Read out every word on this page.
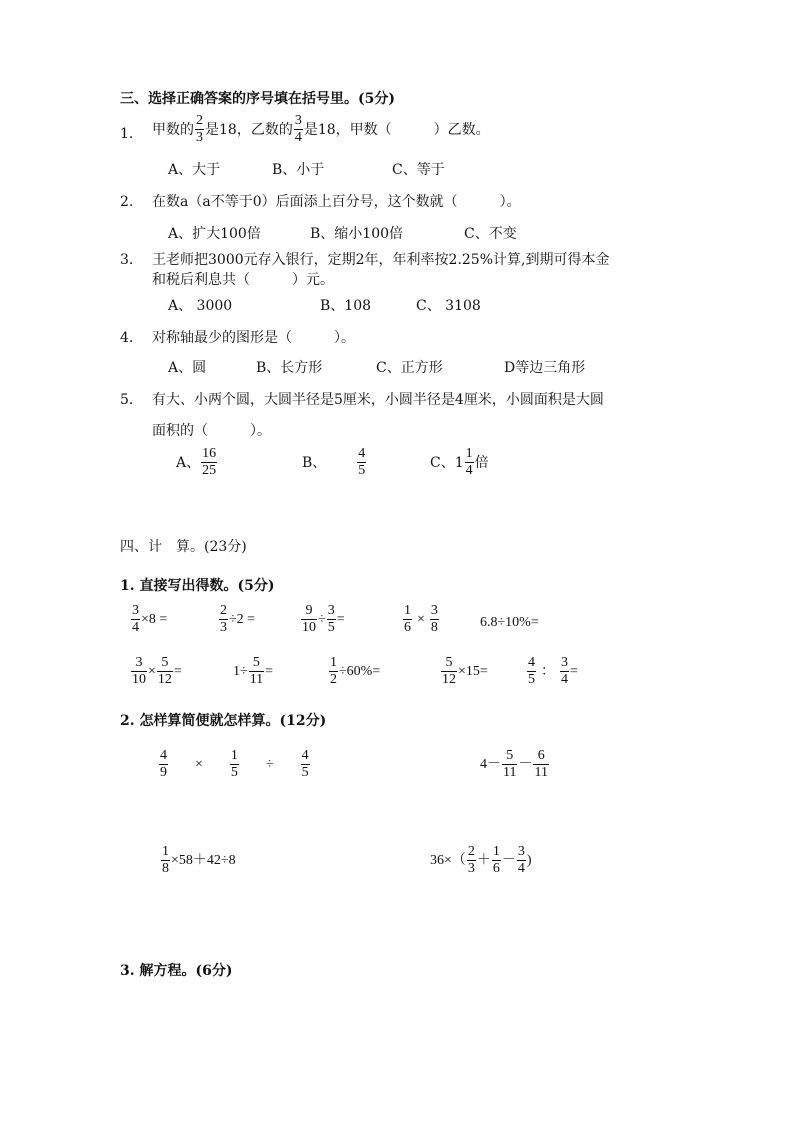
三、选择正确答案的序号填在括号里。(5分)
1. 甲数的 $\frac{2}{3}$ 是18，乙数的 $\frac{3}{4}$ 是18，甲数（　　　）乙数。
A、大于	B、小于	C、等于
2. 在数a（a不等于0）后面添上百分号，这个数就（　　　）。
A、扩大100倍	B、缩小100倍	C、不变
3. 王老师把3000元存入银行，定期2年，年利率按2.25%计算,到期可得本金
和税后利息共（　　　）元。
A、 3000	B、108	C、 3108
4. 对称轴最少的图形是（　　　）。
A、圆	B、长方形	C、正方形	D等边三角形
5. 有大、小两个圆，大圆半径是5厘米，小圆半径是4厘米，小圆面积是大圆
面积的（　　　）。
A、 $\frac{16}{25}$	B、 $\frac{4}{5}$	C、$1 \frac{1}{4}$ 倍
四、计　算。(23分)
1. 直接写出得数。(5分)
$\frac{3}{4} \times 8$ =	$\frac{2}{3} \div 2$ =	$\frac{9}{10} \div \frac{3}{5}$ =	$\frac{1}{6} \times \frac{3}{8}$	6.8÷10%=
$\frac{3}{10} \times \frac{5}{12}$ =	$1\div \frac{5}{11}$ =	$\frac{1}{2} \div 60\%=$	$\frac{5}{12} \times 15=$	$\frac{4}{5}$ ： $\frac{3}{4}$ =
2. 怎样算简便就怎样算。(12分)
$\frac{4}{9} \times \frac{1}{5} \div \frac{4}{5}$	$4- \frac{5}{11} - \frac{6}{11}$
$\frac{1}{8} \times 58+42\div 8$	$36\times( \frac{2}{3} + \frac{1}{6} - \frac{3}{4}$ )
3. 解方程。(6分)
